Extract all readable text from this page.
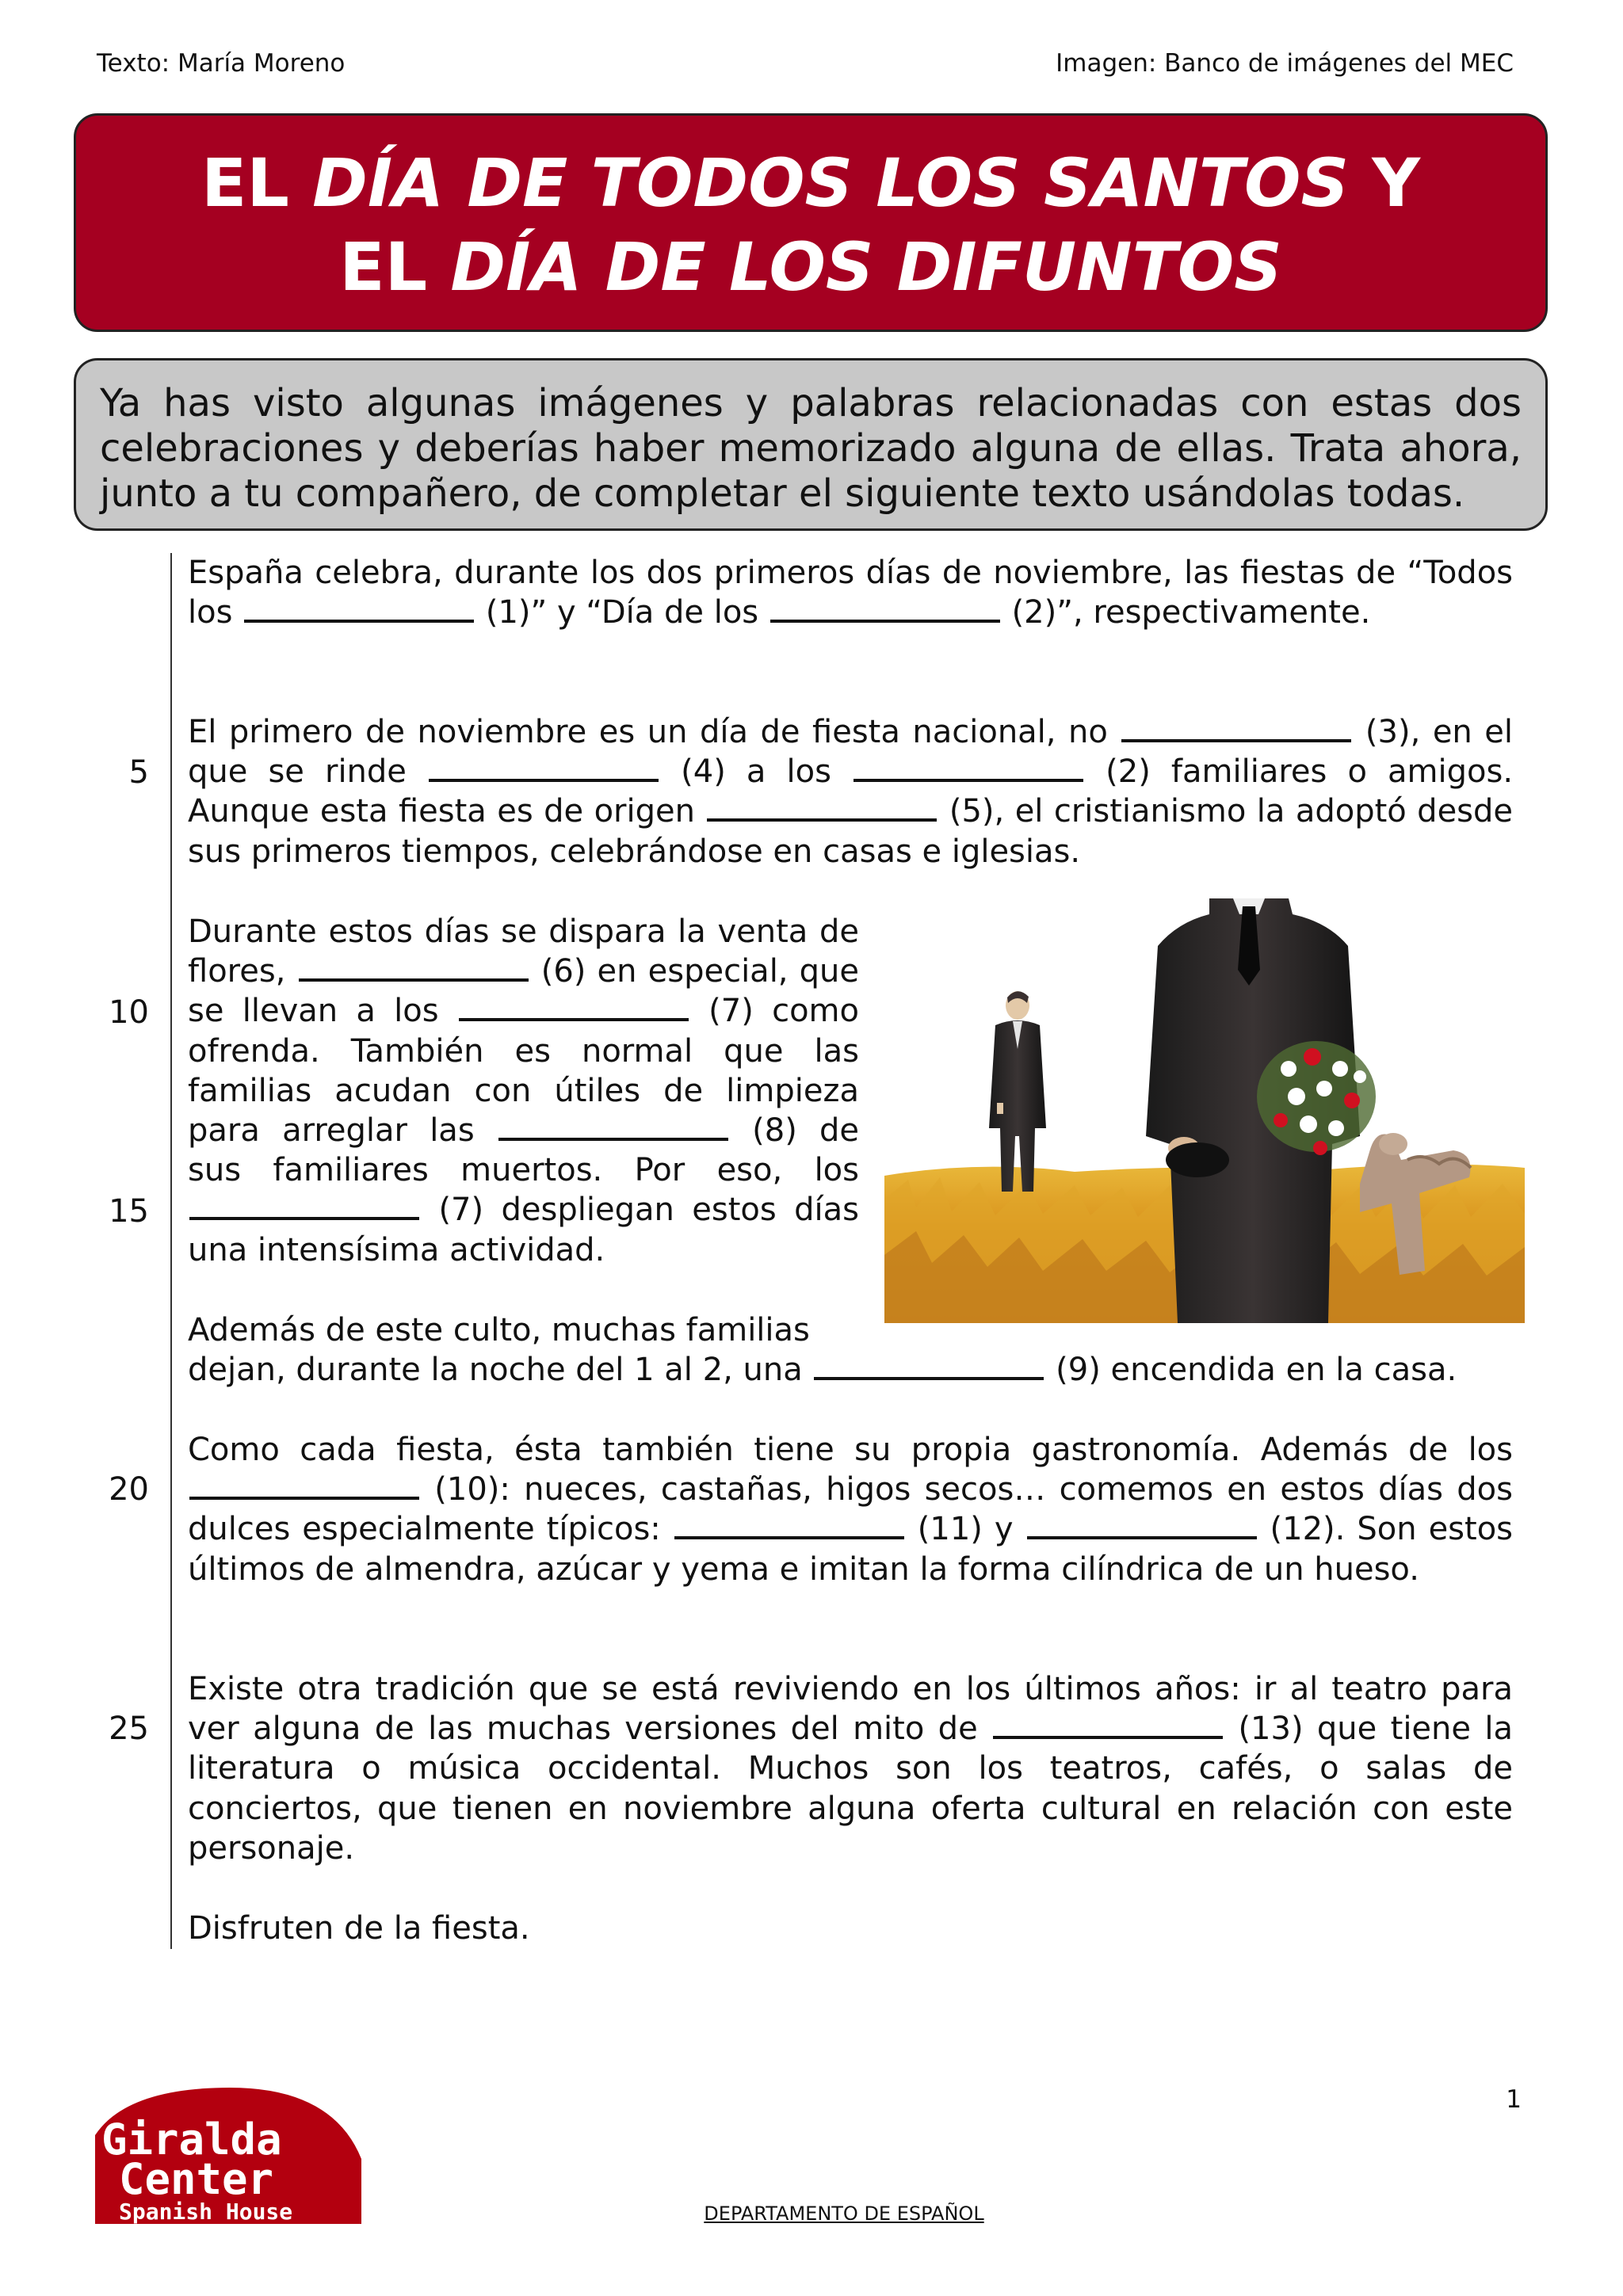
Texto: María Moreno	Imagen: Banco de imágenes del MEC
EL DÍA DE TODOS LOS SANTOS Y
EL DÍA DE LOS DIFUNTOS
Ya has visto algunas imágenes y palabras relacionadas con estas dos celebraciones y deberías haber memorizado alguna de ellas. Trata ahora, junto a tu compañero, de completar el siguiente texto usándolas todas.
5
10
15
20
25

España celebra, durante los dos primeros días de noviembre, las fiestas de “Todos los	(1)” y “Día de los	(2)”, respectivamente.

El primero de noviembre es un día de fiesta nacional, no	(3), en el que se rinde	(4) a los	(2) familiares o amigos. Aunque esta fiesta es de origen	(5), el cristianismo la adoptó desde sus primeros tiempos, celebrándose en casas e iglesias.

Durante estos días se dispara la venta de flores,	(6) en especial, que se llevan a los	(7) como ofrenda. También es normal que las familias acudan con útiles de limpieza para arreglar las	(8) de sus familiares muertos. Por eso, los  (7) despliegan estos días una intensísima actividad.

Además de este culto, muchas familias

dejan, durante la noche del 1 al 2, una	(9) encendida en la casa.

Como cada fiesta, ésta también tiene su propia gastronomía. Además de los  (10): nueces, castañas, higos secos… comemos en estos días dos dulces especialmente típicos:	(11) y	(12). Son estos últimos de almendra, azúcar y yema e imitan la forma cilíndrica de un hueso.

Existe otra tradición que se está reviviendo en los últimos años: ir al teatro para ver alguna de las muchas versiones del mito de	(13) que tiene la literatura o música occidental. Muchos son los teatros, cafés, o salas de conciertos, que tienen en noviembre alguna oferta cultural en relación con este personaje.

Disfruten de la fiesta.

1
DEPARTAMENTO DE ESPAÑOL
Giralda
Center
Spanish House
